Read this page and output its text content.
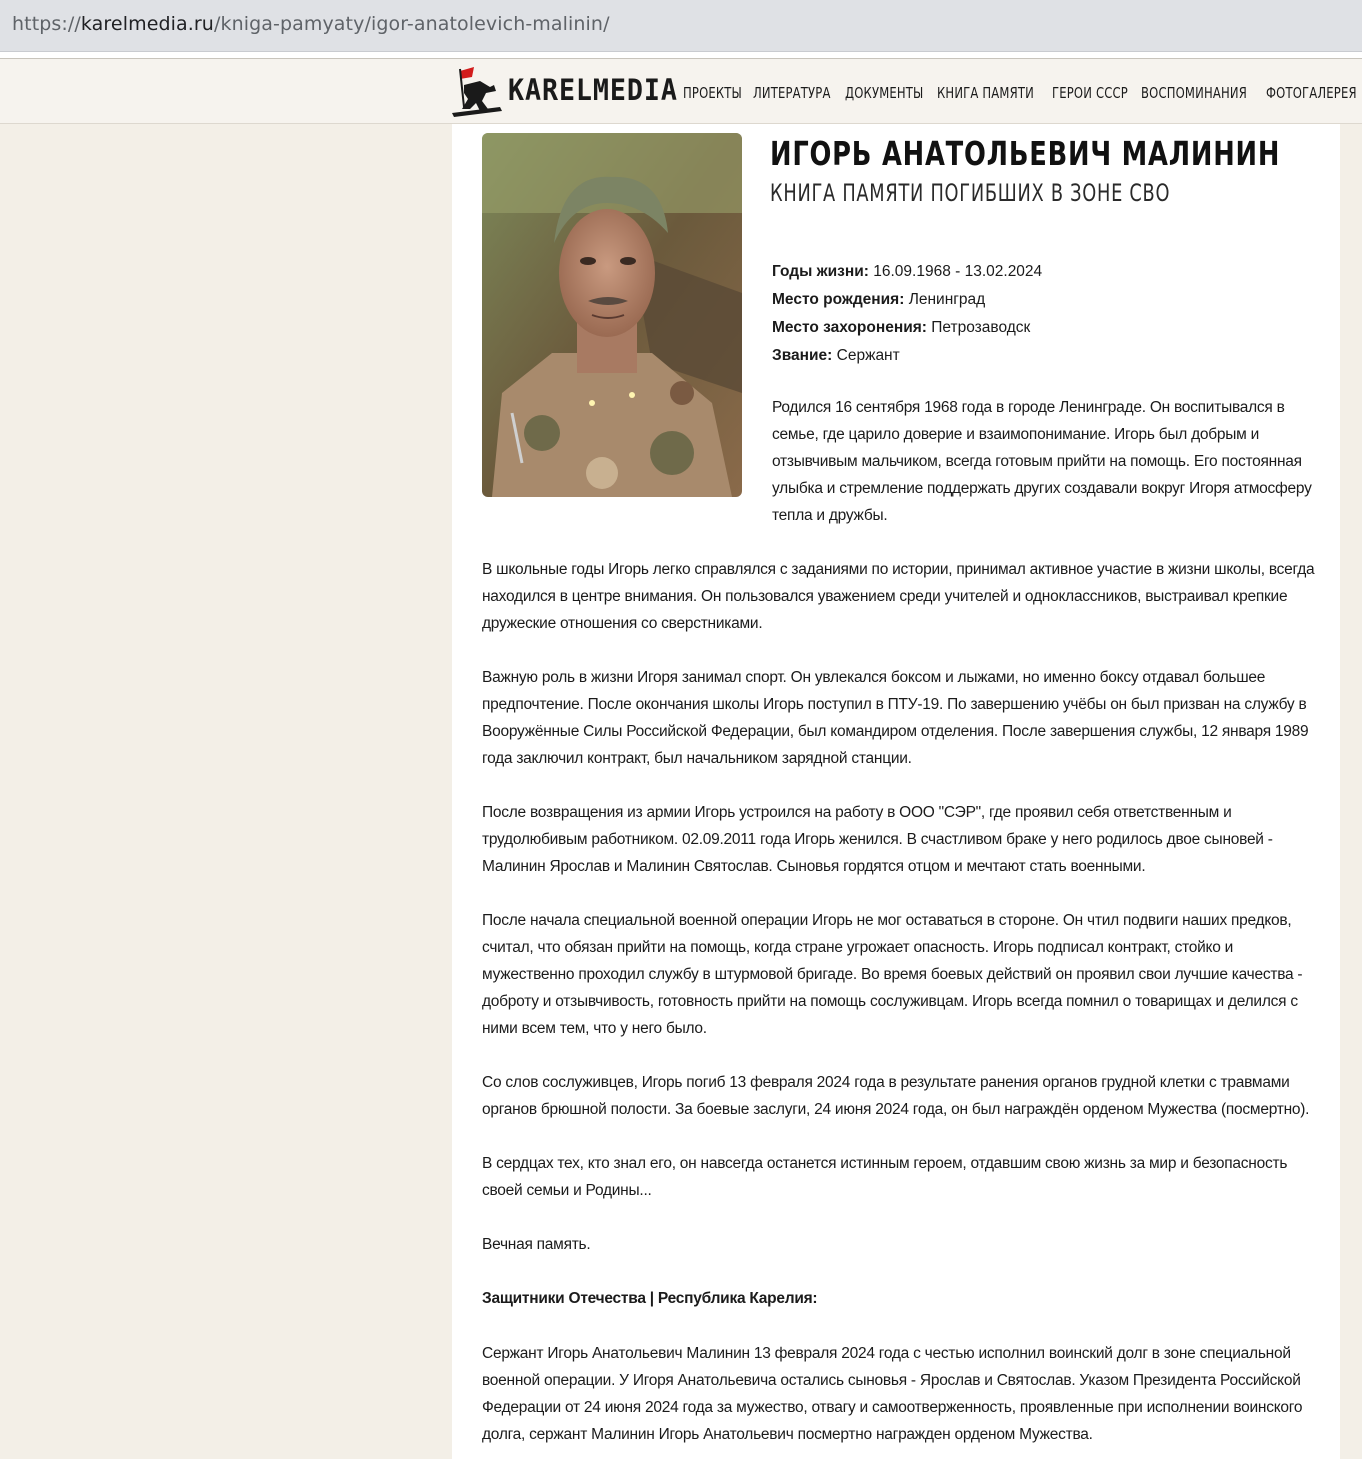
https://karelmedia.ru/kniga-pamyaty/igor-anatolevich-malinin/
KARELMEDIA ПРОЕКТЫ ЛИТЕРАТУРА ДОКУМЕНТЫ КНИГА ПАМЯТИ ГЕРОИ СССР ВОСПОМИНАНИЯ ФОТОГАЛЕРЕЯ
ИГОРЬ АНАТОЛЬЕВИЧ МАЛИНИН
КНИГА ПАМЯТИ ПОГИБШИХ В ЗОНЕ СВО
Годы жизни: 16.09.1968 - 13.02.2024
Место рождения: Ленинград
Место захоронения: Петрозаводск
Звание: Сержант

Родился 16 сентября 1968 года в городе Ленинграде. Он воспитывался в семье, где царило доверие и взаимопонимание. Игорь был добрым и отзывчивым мальчиком, всегда готовым прийти на помощь. Его постоянная улыбка и стремление поддержать других создавали вокруг Игоря атмосферу тепла и дружбы.

В школьные годы Игорь легко справлялся с заданиями по истории, принимал активное участие в жизни школы, всегда находился в центре внимания. Он пользовался уважением среди учителей и одноклассников, выстраивал крепкие дружеские отношения со сверстниками.

Важную роль в жизни Игоря занимал спорт. Он увлекался боксом и лыжами, но именно боксу отдавал большее предпочтение. После окончания школы Игорь поступил в ПТУ-19. По завершению учёбы он был призван на службу в Вооружённые Силы Российской Федерации, был командиром отделения. После завершения службы, 12 января 1989 года заключил контракт, был начальником зарядной станции.

После возвращения из армии Игорь устроился на работу в ООО "СЭР", где проявил себя ответственным и трудолюбивым работником. 02.09.2011 года Игорь женился. В счастливом браке у него родилось двое сыновей - Малинин Ярослав и Малинин Святослав. Сыновья гордятся отцом и мечтают стать военными.

После начала специальной военной операции Игорь не мог оставаться в стороне. Он чтил подвиги наших предков, считал, что обязан прийти на помощь, когда стране угрожает опасность. Игорь подписал контракт, стойко и мужественно проходил службу в штурмовой бригаде. Во время боевых действий он проявил свои лучшие качества - доброту и отзывчивость, готовность прийти на помощь сослуживцам. Игорь всегда помнил о товарищах и делился с ними всем тем, что у него было.

Со слов сослуживцев, Игорь погиб 13 февраля 2024 года в результате ранения органов грудной клетки с травмами органов брюшной полости. За боевые заслуги, 24 июня 2024 года, он был награждён орденом Мужества (посмертно).

В сердцах тех, кто знал его, он навсегда останется истинным героем, отдавшим свою жизнь за мир и безопасность своей семьи и Родины...

Вечная память.

Защитники Отечества | Республика Карелия:

Сержант Игорь Анатольевич Малинин 13 февраля 2024 года с честью исполнил воинский долг в зоне специальной военной операции. У Игоря Анатольевича остались сыновья - Ярослав и Святослав. Указом Президента Российской Федерации от 24 июня 2024 года за мужество, отвагу и самоотверженность, проявленные при исполнении воинского долга, сержант Малинин Игорь Анатольевич посмертно награжден орденом Мужества.
